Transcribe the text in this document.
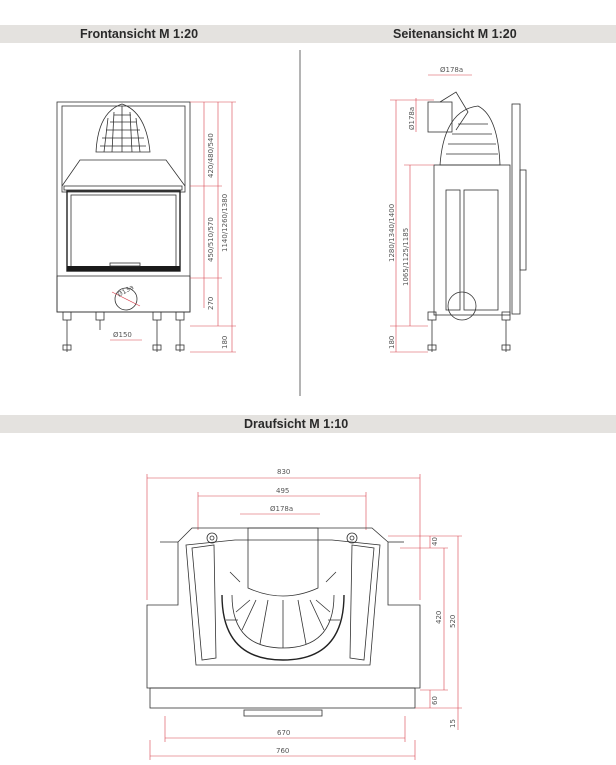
Frontansicht M 1:20	Seitenansicht M 1:20
Draufsicht M 1:10
420/480/540
450/510/570 1140/1260/1380
270
180
Ø13a
Ø150
Ø178a
Ø178a
1280/1340/1400 1065/1125/1185
180
830
495
Ø178a
40
420 520
60
15
670
760
